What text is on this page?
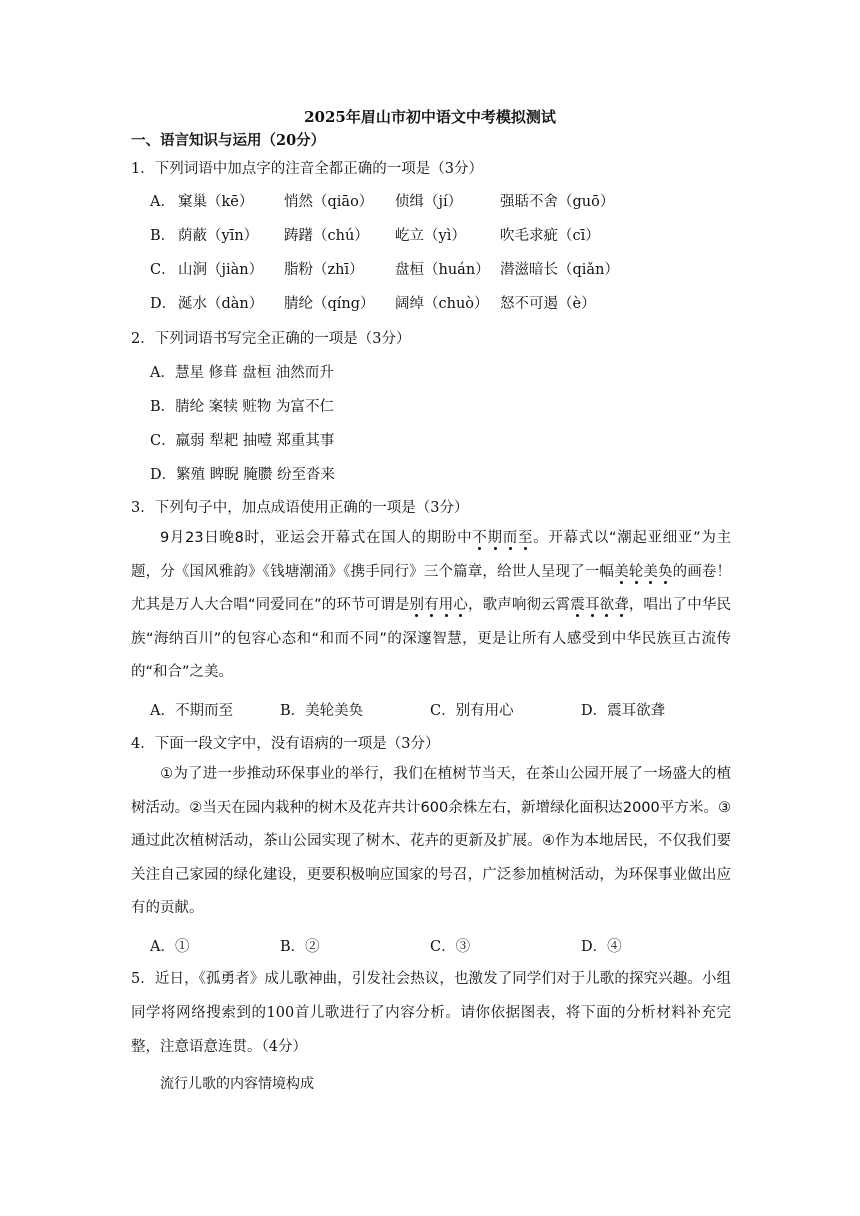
2025年眉山市初中语文中考模拟测试
一、语言知识与运用（20分）
1．下列词语中加点字的注音全都正确的一项是（3分）
A． 窠巢（kē） 悄然（qiāo） 侦缉（jí）	强聒不舍（guō）
B． 荫蔽（yīn） 踌躇（chú） 屹立（yì） 吹毛求疵（cī）
C． 山涧（jiàn） 脂粉（zhī） 盘桓（huán） 潜滋暗长（qiǎn）
D． 涎水（dàn） 腈纶（qíng） 阔绰（chuò） 怒不可遏（è）
2．下列词语书写完全正确的一项是（3分）
A．慧星 修葺 盘桓 油然而升
B．腈纶 案犊 赃物 为富不仁
C．羸弱 犁耙 抽噎 郑重其事
D．繁殖 睥睨 腌臜 纷至沓来
3．下列句子中，加点成语使用正确的一项是（3分）
9月23日晚8时，亚运会开幕式在国人的期盼中不期而至。开幕式以“潮起亚细亚”为主题，分《国风雅韵》《钱塘潮涌》《携手同行》三个篇章，给世人呈现了一幅美轮美奂的画卷！尤其是万人大合唱“同爱同在”的环节可谓是别有用心，歌声响彻云霄震耳欲聋，唱出了中华民族“海纳百川”的包容心态和“和而不同”的深邃智慧，更是让所有人感受到中华民族亘古流传的“和合”之美。
A．不期而至	B．美轮美奂	C．别有用心	D．震耳欲聋
4．下面一段文字中，没有语病的一项是（3分）
①为了进一步推动环保事业的举行，我们在植树节当天，在茶山公园开展了一场盛大的植树活动。②当天在园内栽种的树木及花卉共计600余株左右，新增绿化面积达2000平方米。③通过此次植树活动，茶山公园实现了树木、花卉的更新及扩展。④作为本地居民，不仅我们要关注自己家园的绿化建设，更要积极响应国家的号召，广泛参加植树活动，为环保事业做出应有的贡献。
A．①	B．②	C．③	D．④
5．近日，《孤勇者》成儿歌神曲，引发社会热议，也激发了同学们对于儿歌的探究兴趣。小组同学将网络搜索到的100首儿歌进行了内容分析。请你依据图表，将下面的分析材料补充完整，注意语意连贯。（4分）
流行儿歌的内容情境构成
